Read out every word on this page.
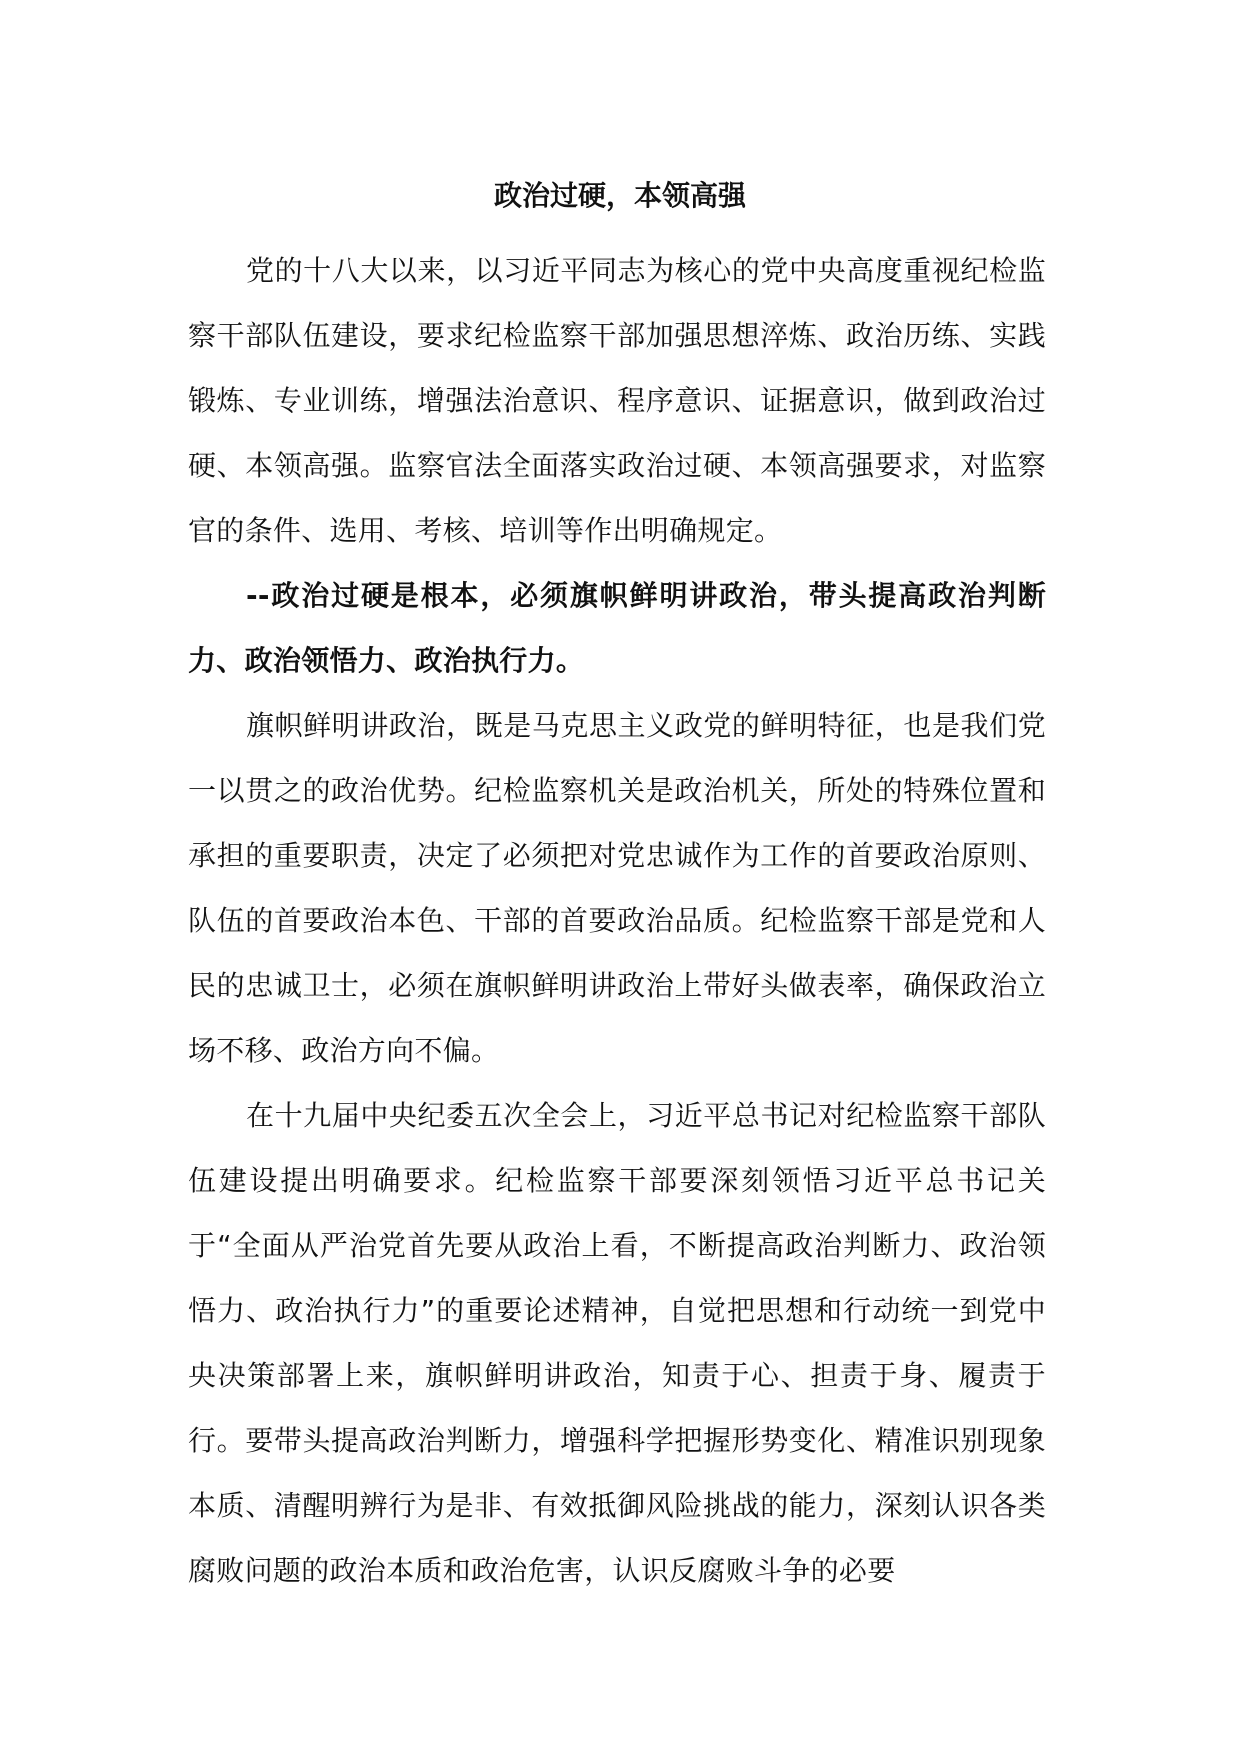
政治过硬，本领高强

党的十八大以来，以习近平同志为核心的党中央高度重视纪检监察干部队伍建设，要求纪检监察干部加强思想淬炼、政治历练、实践锻炼、专业训练，增强法治意识、程序意识、证据意识，做到政治过硬、本领高强。监察官法全面落实政治过硬、本领高强要求，对监察官的条件、选用、考核、培训等作出明确规定。

--政治过硬是根本，必须旗帜鲜明讲政治，带头提高政治判断力、政治领悟力、政治执行力。

旗帜鲜明讲政治，既是马克思主义政党的鲜明特征，也是我们党一以贯之的政治优势。纪检监察机关是政治机关，所处的特殊位置和承担的重要职责，决定了必须把对党忠诚作为工作的首要政治原则、队伍的首要政治本色、干部的首要政治品质。纪检监察干部是党和人民的忠诚卫士，必须在旗帜鲜明讲政治上带好头做表率，确保政治立场不移、政治方向不偏。

在十九届中央纪委五次全会上，习近平总书记对纪检监察干部队伍建设提出明确要求。纪检监察干部要深刻领悟习近平总书记关于“全面从严治党首先要从政治上看，不断提高政治判断力、政治领悟力、政治执行力”的重要论述精神，自觉把思想和行动统一到党中央决策部署上来，旗帜鲜明讲政治，知责于心、担责于身、履责于行。要带头提高政治判断力，增强科学把握形势变化、精准识别现象本质、清醒明辨行为是非、有效抵御风险挑战的能力，深刻认识各类腐败问题的政治本质和政治危害，认识反腐败斗争的必要
